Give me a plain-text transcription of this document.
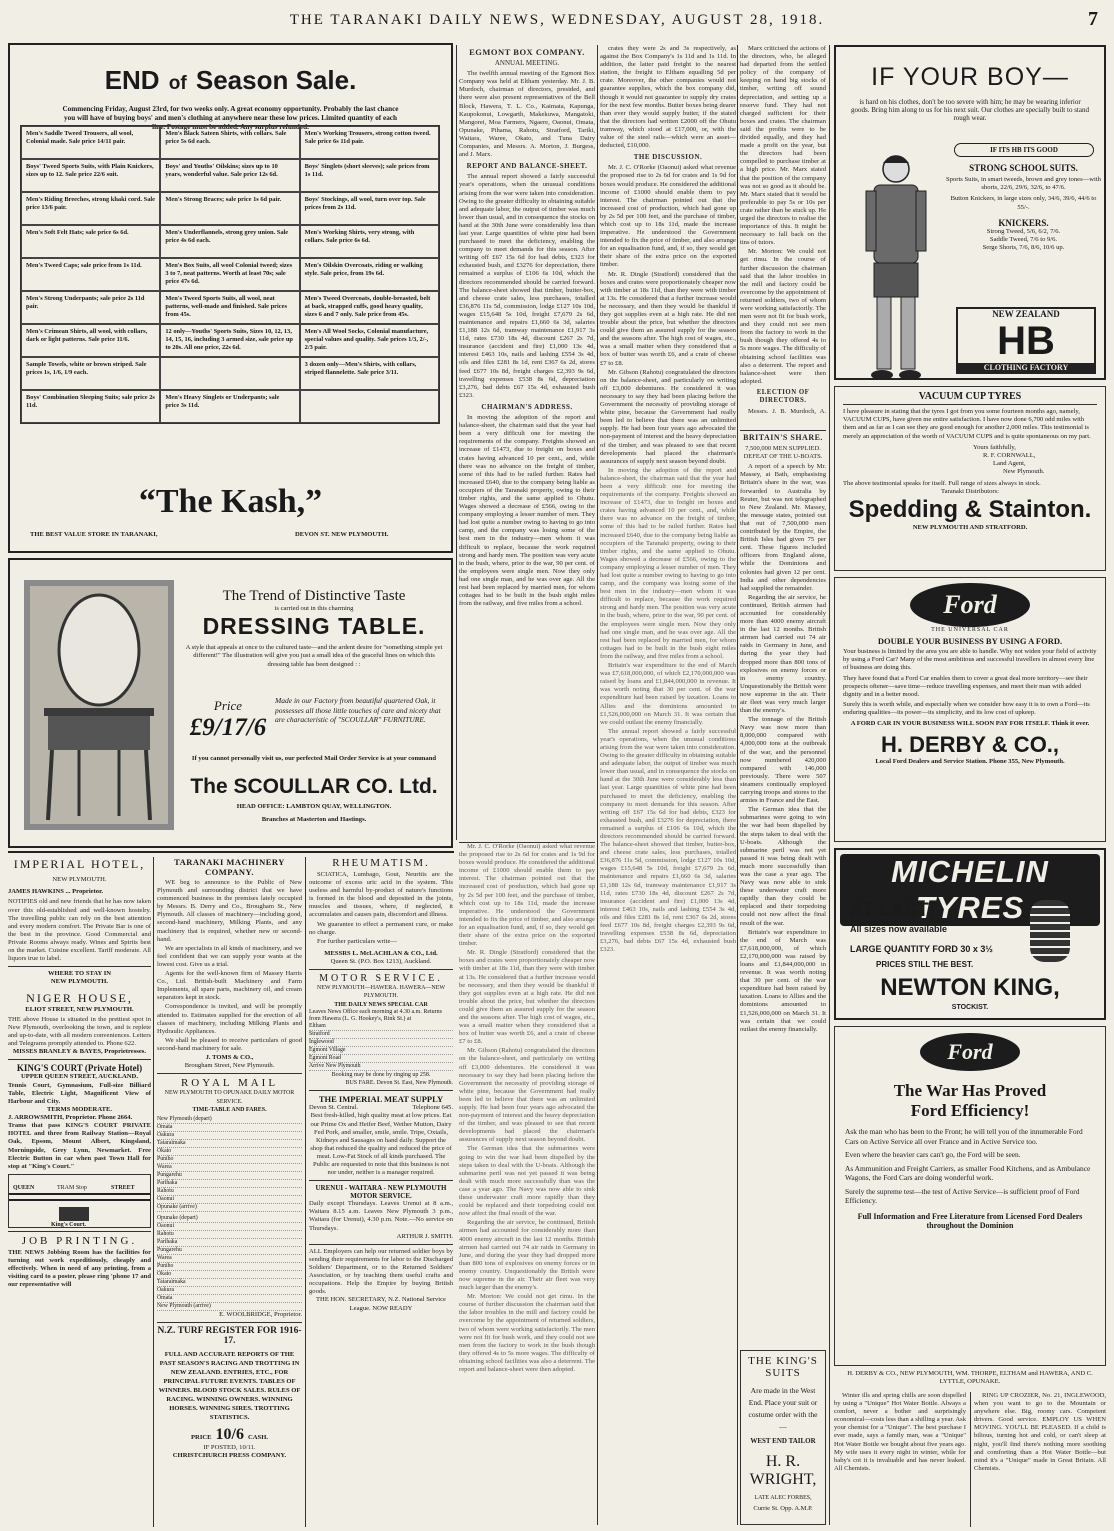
THE TARANAKI DAILY NEWS, WEDNESDAY, AUGUST 28, 1918.	7
END of Season Sale.
Commencing Friday, August 23rd, for two weeks only. A great economy opportunity. Probably the last chance you will have of buying boys' and men's clothing at anywhere near these low prices. Limited quantity of each line. Postage must be added. Any surplus refunded.
Men's Saddle Tweed Trousers, all wool, Colonial made. Sale price 14/11 pair.
Men's Black Sateen Shirts, with collars. Sale price 5s 6d each.
Men's Working Trousers, strong cotton tweed. Sale price 6s 11d pair.
Boys' Tweed Sports Suits, with Plain Knickers, sizes up to 12. Sale price 22/6 suit.
Boys' and Youths' Oilskins; sizes up to 10 years, wonderful value. Sale price 12s 6d.
Boys' Singlets (short sleeves); sale prices from 1s 11d.
Men's Riding Breeches, strong khaki cord. Sale price 13/6 pair.
Men's Strong Braces; sale price 1s 6d pair.	Boys' Stockings, all wool, turn over top. Sale prices from 2s 11d.
Men's Soft Felt Hats; sale price 6s 6d.	Men's Underflannels, strong grey union. Sale price 4s 6d each.
Men's Working Shirts, very strong, with collars. Sale price 6s 6d.
Men's Tweed Caps; sale price from 1s 11d.	Men's Box Suits, all wool Colonial tweed; sizes 3 to 7, neat patterns. Worth at least 70s; sale price 47s 6d.
Men's Oilskin Overcoats, riding or walking style. Sale price, from 19s 6d.
Men's Strong Underpants; sale price 2s 11d pair.
Men's Tweed Sports Suits, all wool, neat patterns, well-made and finished. Sale prices from 45s.
Men's Tweed Overcoats, double-breasted, belt at back, strapped cuffs, good heavy quality, sizes 6 and 7 only. Sale price from 45s.
Men's Crimean Shirts, all wool, with collars, dark or light patterns. Sale price 11/6.
12 only—Youths' Sports Suits, Sizes 10, 12, 13, 14, 15, 16, including 3 armed size, sale price up to 20s. All one price, 22s 6d.
Men's All Wool Socks, Colonial manufacture, special values and quality. Sale prices 1/3, 2/-, 2/3 pair.
Sample Towels, white or brown striped. Sale prices 1s, 1/6, 1/9 each.
3 dozen only—Men's Shirts, with collars, striped flannelette. Sale price 3/11.
Boys' Combination Sleeping Suits; sale price 2s 11d.
Men's Heavy Singlets or Underpants; sale price 3s 11d.
“The Kash,”
THE BEST VALUE STORE IN TARANAKI,	DEVON ST. NEW PLYMOUTH.
The Trend of Distinctive Taste
is carried out in this charming
DRESSING TABLE.
A style that appeals at once to the cultured taste—and the ardent desire for "something simple yet different!" The illustration will give you just a small idea of the graceful lines on which this dressing table has been designed : :
Price
£9/17/6
Made in our Factory from beautiful quartered Oak, it possesses all those little touches of care and nicety that are characteristic of "SCOULLAR" FURNITURE.
If you cannot personally visit us, our perfected Mail Order Service is at your command
The SCOULLAR CO. Ltd.
HEAD OFFICE: LAMBTON QUAY, WELLINGTON.
Branches at Masterton and Hastings.
EGMONT BOX COMPANY.
ANNUAL MEETING.

The twelfth annual meeting of the Egmont Box Company was held at Eltham yesterday. Mr. J. B. Murdoch, chairman of directors, presided, and there were also present representatives of the Bell Block, Hawera, T. L. Co., Kaimata, Kapunga, Kaupokonui, Lowgarth, Makekuwa, Mangatoki, Mangorei, Moa Farmers, Ngaere, Oaonui, Omata, Opunake, Pihama, Rahotu, Stratford, Tariki, Waitara, Waree, Okato, and Tuna Dairy Companies, and Messrs. A. Morton, J. Burgess, and J. Marx.

REPORT AND BALANCE-SHEET.

The annual report showed a fairly successful year's operations, when the unusual conditions arising from the war were taken into consideration. Owing to the greater difficulty in obtaining suitable and adequate labor, the output of timber was much lower than usual, and in consequence the stocks on hand at the 30th June were considerably less than last year. Large quantities of white pine had been purchased to meet the deficiency, enabling the company to meet demands for this season. After writing off £67 15s 6d for bad debts, £323 for exhausted bush, and £3276 for depreciation, there remained a surplus of £106 6s 10d, which the directors recommended should be carried forward. The balance-sheet showed that timber, butter-box, and cheese crate sales, less purchases, totalled £36,876 11s 5d, commission, lodge £127 10s 10d, wages £15,648 5s 10d, freight £7,679 2s 6d, maintenance and repairs £1,660 6s 3d, salaries £1,188 12s 6d, tramway maintenance £1,917 3s 11d, rates £730 18s 4d, discount £267 2s 7d, insurance (accident and fire) £1,000 13s 4d, interest £463 10s, nails and lashing £554 3s 4d, oils and files £281 8s 1d, rent £367 6s 2d, stores feed £677 10s 8d, freight charges £2,393 9s 6d, travelling expenses £538 8s 6d, depreciation £3,276, bad debts £67 15s 4d, exhausted bush £323.

CHAIRMAN'S ADDRESS.

In moving the adoption of the report and balance-sheet, the chairman said that the year had been a very difficult one for meeting the requirements of the company. Freights showed an increase of £1473, due to freight on boxes and crates having advanced 10 per cent., and, while there was no advance on the freight of timber, some of this had to be railed further. Rates had increased £640, due to the company being liable as occupiers of the Taranaki property, owing to their timber rights, and the same applied to Ohutu. Wages showed a decrease of £566, owing to the company employing a lesser number of men. They had lost quite a number owing to having to go into camp, and the company was losing some of the best men in the industry—men whom it was difficult to replace, because the work required strong and hardy men. The position was very acute in the bush, where, prior to the war, 90 per cent. of the employees were single men. Now they only had one single man, and he was over age. All the rest had been replaced by married men, for whom cottages had to be built in the bush eight miles from the railway, and five miles from a school.

crates they were 2s and 3s respectively, as against the Box Company's 1s 11d and 1s 11d. In addition, the latter paid freight to the nearest station, the freight to Eltham equalling 5d per crate. Moreover, the other companies would not guarantee supplies, which the box company did, though it would not guarantee to supply dry crates for the next few months. Butter boxes being dearer than ever they would supply butter, if the stated that the directors had written £2000 off the Ohutu tramway, which stood at £17,000, or, with the value of the steel rails—which were an asset—deducted, £10,000.

THE DISCUSSION.

Mr. J. C. O'Rorke (Oaonui) asked what revenue the proposed rise to 2s 6d for crates and 1s 9d for boxes would produce. He considered the additional income of £1000 should enable them to pay interest. The chairman pointed out that the increased cost of production, which had gone up by 2s 5d per 100 feet, and the purchase of timber, which cost up to 18s 11d, made the increase imperative. He understood the Government intended to fix the price of timber, and also arrange for an equalisation fund, and, if so, they would get their share of the extra price on the exported timber.

Mr. R. Dingle (Stratford) considered that the boxes and crates were proportionately cheaper now with timber at 18s 11d, than they were with timber at 13s. He considered that a further increase would be necessary, and then they would be thankful if they got supplies even at a high rate. He did not trouble about the price, but whether the directors could give them an assured supply for the season and the seasons after. The high cost of wages, etc., was a small matter when they considered that a box of butter was worth £6, and a crate of cheese £7 to £8.

Mr. Gibson (Rahotu) congratulated the directors on the balance-sheet, and particularly on writing off £3,000 debentures. He considered it was necessary to say they had been placing before the Government the necessity of providing storage of white pine, because the Government had really been led to believe that there was an unlimited supply. He had been four years ago advocated the non-payment of interest and the heavy depreciation of the timber, and was pleased to see that recent developments had placed the chairman's assurances of supply next season beyond doubt.

In moving the adoption of the report and balance-sheet, the chairman said that the year had been a very difficult one for meeting the requirements of the company. Freights showed an increase of £1473, due to freight on boxes and crates having advanced 10 per cent., and, while there was no advance on the freight of timber, some of this had to be railed further. Rates had increased £640, due to the company being liable as occupiers of the Taranaki property, owing to their timber rights, and the same applied to Ohutu. Wages showed a decrease of £566, owing to the company employing a lesser number of men. They had lost quite a number owing to having to go into camp, and the company was losing some of the best men in the industry—men whom it was difficult to replace, because the work required strong and hardy men. The position was very acute in the bush, where, prior to the war, 90 per cent. of the employees were single men. Now they only had one single man, and he was over age. All the rest had been replaced by married men, for whom cottages had to be built in the bush eight miles from the railway, and five miles from a school.

Britain's war expenditure to the end of March was £7,618,000,000, of which £2,170,000,000 was raised by loans and £1,844,000,000 in revenue. It was worth noting that 30 per cent. of the war expenditure had been raised by taxation. Loans to Allies and the dominions amounted to £1,526,000,000 on March 31. It was certain that we could outlast the enemy financially.

The annual report showed a fairly successful year's operations, when the unusual conditions arising from the war were taken into consideration. Owing to the greater difficulty in obtaining suitable and adequate labor, the output of timber was much lower than usual, and in consequence the stocks on hand at the 30th June were considerably less than last year. Large quantities of white pine had been purchased to meet the deficiency, enabling the company to meet demands for this season. After writing off £67 15s 6d for bad debts, £323 for exhausted bush, and £3276 for depreciation, there remained a surplus of £106 6s 10d, which the directors recommended should be carried forward. The balance-sheet showed that timber, butter-box, and cheese crate sales, less purchases, totalled £36,876 11s 5d, commission, lodge £127 10s 10d, wages £15,648 5s 10d, freight £7,679 2s 6d, maintenance and repairs £1,660 6s 3d, salaries £1,188 12s 6d, tramway maintenance £1,917 3s 11d, rates £730 18s 4d, discount £267 2s 7d, insurance (accident and fire) £1,000 13s 4d, interest £463 10s, nails and lashing £554 3s 4d, oils and files £281 8s 1d, rent £367 6s 2d, stores feed £677 10s 8d, freight charges £2,393 9s 6d, travelling expenses £538 8s 6d, depreciation £3,276, bad debts £67 15s 4d, exhausted bush £323.

Marx criticised the actions of the directors, who, he alleged had departed from the settled policy of the company of keeping on hand big stocks of timber, writing off sound depreciation, and setting up a reserve fund. They had not charged sufficient for their boxes and crates. The chairman said the profits were to be divided equally, and they had made a profit on the year, but the directors had been compelled to purchase timber at a high price. Mr. Marx stated that the position of the company was not so good as it should be. Mr. Marx stated that it would be preferable to pay 5s or 10s per crate rather than be stuck up. He urged the directors to realise the importance of this. It might be necessary to fall back on the tins of tutors.

Mr. Morton: We could not get rimu. In the course of further discussion the chairman said that the labor troubles in the mill and factory could be overcome by the appointment of returned soldiers, two of whom were working satisfactorily. The men were not fit for bush work, and they could not see men from the factory to work in the bush though they offered 4s to 5s more wages. The difficulty of obtaining school facilities was also a deterrent. The report and balance-sheet were then adopted.

ELECTION OF DIRECTORS.

Messrs. J. B. Murdoch, A.

BRITAIN'S SHARE.
7,500,000 MEN SUPPLIED.
DEFEAT OF THE U-BOATS.

A report of a speech by Mr. Massey, at Bath, emphasising Britain's share in the war, was forwarded to Australia by Reuter, but was not telegraphed to New Zealand. Mr. Massey, the message states, pointed out that out of 7,500,000 men contributed by the Empire, the British Isles had given 75 per cent. These figures included officers from England alone, while the Dominions and colonies had given 12 per cent. India and other dependencies had supplied the remainder.

Regarding the air service, he continued, British airmen had accounted for considerably more than 4000 enemy aircraft in the last 12 months. British airmen had carried out 74 air raids in Germany in June, and during the year they had dropped more than 800 tons of explosives on enemy forces or in enemy country. Unquestionably the British were now supreme in the air. Their air fleet was very much larger than the enemy's.

The tonnage of the British Navy was now more than 8,000,000 compared with 4,000,000 tons at the outbreak of the war, and the personnel now numbered 420,000 compared with 146,000 previously. There were 507 steamers continually employed carrying troops and stores to the armies in France and the East.

The German idea that the submarines were going to win the war had been dispelled by the steps taken to deal with the U-boats. Although the submarine peril was not yet passed it was being dealt with much more successfully than was the case a year ago. The Navy was now able to sink these underwater craft more rapidly than they could be replaced and their torpedoing could not now affect the final result of the war.

Britain's war expenditure to the end of March was £7,618,000,000, of which £2,170,000,000 was raised by loans and £1,844,000,000 in revenue. It was worth noting that 30 per cent. of the war expenditure had been raised by taxation. Loans to Allies and the dominions amounted to £1,526,000,000 on March 31. It was certain that we could outlast the enemy financially.

THE KING'S SUITS
Are made in the West End. Place your suit or costume order with the—
WEST END TAILOR
H. R. WRIGHT,
LATE ALEC FORBES,
Currie St. Opp. A.M.P.
IF YOUR BOY—
is hard on his clothes, don't be too severe with him; he may be wearing inferior goods. Bring him along to us for his next suit. Our clothes are specially built to stand rough wear.
IF ITS HB ITS GOOD
STRONG SCHOOL SUITS.
Sports Suits, in smart tweeds, brown and grey tones—with shorts, 22/6, 29/6, 32/6, to 47/6.
Button Knickers, in large sizes only, 34/6, 39/6, 44/6 to 55/-.
KNICKERS.
Strong Tweed, 5/6, 6/2, 7/6.
Saddle Tweed, 7/6 to 9/6.
Serge Shorts, 7/6, 8/6, 10/6 up.
NEW ZEALAND
HB
CLOTHING FACTORY
VACUUM CUP TYRES
I have pleasure in stating that the tyres I got from you some fourteen months ago, namely, VACUUM CUPS, have given me entire satisfaction. I have now done 6,700 odd miles with them and as far as I can see they are good enough for another 2,000 miles. This testimonial is merely an appreciation of the worth of VACUUM CUPS and is quite spontaneous on my part.
Yours faithfully,
R. F. CORNWALL,
Land Agent,
New Plymouth.
The above testimonial speaks for itself. Full range of sizes always in stock.
Taranaki Distributors:
Spedding & Stainton.
NEW PLYMOUTH AND STRATFORD.
Ford
THE UNIVERSAL CAR
DOUBLE YOUR BUSINESS BY USING A FORD.
Your business is limited by the area you are able to handle. Why not widen your field of activity by using a Ford Car? Many of the most ambitious and successful travellers in almost every line of business are doing this.
They have found that a Ford Car enables them to cover a great deal more territory—see their prospects oftener—save time—reduce travelling expenses, and meet their man with added dignity and in a better mood.
Surely this is worth while, and especially when we consider how easy it is to own a Ford—its enduring qualities—its power—its simplicity, and its low cost of upkeep.
A FORD CAR IN YOUR BUSINESS WILL SOON PAY FOR ITSELF. Think it over.
H. DERBY & CO.,
Local Ford Dealers and Service Station. Phone 355, New Plymouth.
MICHELIN TYRES
AT LAST!
All sizes now available
LARGE QUANTITY FORD 30 x 3½
PRICES STILL THE BEST.
NEWTON KING,
STOCKIST.
Ford
The War Has Proved
Ford Efficiency!
Ask the man who has been to the Front; he will tell you of the innumerable Ford Cars on Active Service all over France and in Active Service too.
Even where the heavier cars can't go, the Ford will be seen.
As Ammunition and Freight Carriers, as smaller Food Kitchens, and as Ambulance Wagons, the Ford Cars are doing wonderful work.
Surely the supreme test—the test of Active Service—is sufficient proof of Ford Efficiency.
Full Information and Free Literature from Licensed Ford Dealers throughout the Dominion
H. DERBY & CO., NEW PLYMOUTH, WM. THORPE, ELTHAM and HAWERA, AND C. LYTTLE, OPUNAKE.

Winter ills and spring chills are soon dispelled by using a "Unique" Hot Water Bottle. Always a comfort, never a bother and surprisingly economical—costs less than a shilling a year. Ask your chemist for a "Unique". The best purchase I ever made, says a family man, was a "Unique" Hot Water Bottle we bought about five years ago. My wife uses it every night in winter, while for baby's cot it is invaluable and has never leaked. All Chemists.

RING UP CROZIER, No. 21, INGLEWOOD, when you want to go to the Mountain or anywhere else. Big, roomy cars. Competent drivers. Good service. EMPLOY US WHEN MOVING. YOU'LL BE PLEASED. If a child is bilious, turning hot and cold, or can't sleep at night, you'll find there's nothing more soothing and comforting than a Hot Water Bottle—but mind it's a "Unique" made in Great Britain. All Chemists.

IMPERIAL HOTEL,
NEW PLYMOUTH.
JAMES HAWKINS ... Proprietor.
NOTIFIES old and new friends that he has now taken over this old-established and well-known hostelry. The travelling public can rely on the best attention and every modern comfort. The Private Bar is one of the best in the province. Good Commercial and Private Rooms always ready. Wines and Spirits best on the market. Cuisine excellent. Tariff moderate. All liquors true to label.
WHERE TO STAY IN
NEW PLYMOUTH.
NIGER HOUSE,
ELIOT STREET, NEW PLYMOUTH.
THE above House is situated in the prettiest spot in New Plymouth, overlooking the town, and is replete and up-to-date, with all modern conveniences. Letters and Telegrams promptly attended to. Phone 622.
MISSES BRANLEY & BAYES, Proprietresses.
KING'S COURT (Private Hotel)
UPPER QUEEN STREET, AUCKLAND.
Tennis Court, Gymnasium, Full-size Billiard Table, Electric Light, Magnificent View of Harbour and City.
TERMS MODERATE.
J. ARROWSMITH, Proprietor. Phone 2664.
Trams that pass KING'S COURT PRIVATE HOTEL and three from Railway Station—Royal Oak, Epsom, Mount Albert, Kingsland, Morningside, Grey Lynn, Newmarket. Free Electric Button in car when past Town Hall for stop at "King's Court."
QUEEN	TRAM Stop	STREET
King's Court.
JOB PRINTING.
THE NEWS Jobbing Room has the facilities for turning out work expeditiously, cheaply and effectively. When in need of any printing, from a visiting card to a poster, please ring 'phone 17 and our representative will
TARANAKI MACHINERY COMPANY.

WE beg to announce to the Public of New Plymouth and surrounding district that we have commenced business in the premises lately occupied by Messrs. B. Derry and Co., Brougham St., New Plymouth. All classes of machinery—including good, second-hand machinery, Milking Plants, and any machinery that is required, whether new or second-hand.

We are specialists in all kinds of machinery, and we feel confident that we can supply your wants at the lowest cost. Give us a trial.

Agents for the well-known firm of Massey Harris Co., Ltd. British-built Machinery and Farm Implements, all spare parts, machinery oil, and cream separators kept in stock.

Correspondence is invited, and will be promptly attended to. Estimates supplied for the erection of all classes of machinery, including Milking Plants and Hydraulic Appliances.

We shall be pleased to receive particulars of good second-hand machinery for sale.

J. TOMS & CO.,
Brougham Street, New Plymouth.
ROYAL MAIL
NEW PLYMOUTH TO OPUNAKE DAILY MOTOR SERVICE.
TIME-TABLE AND FARES.
New Plymouth (depart)
Omata
Oakura
Tataraimaka
Okato
Puniho
Warea
Pungarehu
Parihaka
Rahotu
Oaonui
Opunake (arrive)
Opunake (depart)
Oaonui
Rahotu
Parihaka
Pungarehu
Warea
Puniho
Okato
Tataraimaka
Oakura
Omata
New Plymouth (arrive)
E. WOOLBRIDGE, Proprietor.
N.Z. TURF REGISTER FOR 1916-17.
FULL AND ACCURATE REPORTS OF THE PAST SEASON'S RACING AND TROTTING IN NEW ZEALAND. ENTRIES, ETC., FOR PRINCIPAL FUTURE EVENTS. TABLES OF WINNERS. BLOOD STOCK SALES. RULES OF RACING. WINNING OWNERS. WINNING HORSES. WINNING SIRES. TROTTING STATISTICS.
PRICE 10/6 CASH.
IF POSTED, 10/11.
CHRISTCHURCH PRESS COMPANY.
RHEUMATISM.

SCIATICA, Lumbago, Gout, Neuritis are the outcome of excess uric acid in the system. This useless and harmful by-product of nature's functions is formed in the blood and deposited in the joints, muscles and tissues, where, if neglected, it accumulates and causes pain, discomfort and illness.

We guarantee to effect a permanent cure, or make no charge.

For further particulars write—

MESSRS L. McLACHLAN & CO., Ltd.
Queen St. (P.O. Box 1213), Auckland.
MOTOR SERVICE.
NEW PLYMOUTH—HAWERA. HAWERA—NEW PLYMOUTH.
THE DAILY NEWS SPECIAL CAR
Leaves News Office each morning at 4.30 a.m. Returns from Hawera (L. G. Hookey's, Rink St.) at
Eltham
Stratford
Inglewood
Egmont Village
Egmont Road
Arrive New Plymouth
Booking may be done by ringing up 258.
BUS FARE. Devon St. East, New Plymouth.
THE IMPERIAL MEAT SUPPLY
Devon St. Central.	Telephone 645.
Best fresh-killed, high quality meat at low prices. Eat our Prime Ox and Heifer Beef, Wether Mutton, Dairy Fed Pork, and smaller, smile, smile. Tripe, Oxtails, Kidneys and Sausages on hand daily. Support the shop that reduced the quality and reduced the price of meat. Low-Fat Stock of all kinds purchased. The Public are requested to note that this business is not nor under, neither is a manager required.
URENUI - WAITARA - NEW PLYMOUTH MOTOR SERVICE.
Daily except Thursdays. Leaves Urenui at 8 a.m., Waitara 8.15 a.m. Leaves New Plymouth 3 p.m., Waitara (for Urenui), 4.30 p.m. Note.—No service on Thursdays.
ARTHUR J. SMITH.
ALL Employers can help our returned soldier boys by sending their requirements for labor to the Discharged Soldiers' Department, or to the Returned Soldiers' Association, or by teaching them useful crafts and occupations. Help the Empire by buying British goods.
THE HON. SECRETARY, N.Z. National Service League. NOW READY

Mr. J. C. O'Rorke (Oaonui) asked what revenue the proposed rise to 2s 6d for crates and 1s 9d for boxes would produce. He considered the additional income of £1000 should enable them to pay interest. The chairman pointed out that the increased cost of production, which had gone up by 2s 5d per 100 feet, and the purchase of timber, which cost up to 18s 11d, made the increase imperative. He understood the Government intended to fix the price of timber, and also arrange for an equalisation fund, and, if so, they would get their share of the extra price on the exported timber.

Mr. R. Dingle (Stratford) considered that the boxes and crates were proportionately cheaper now with timber at 18s 11d, than they were with timber at 13s. He considered that a further increase would be necessary, and then they would be thankful if they got supplies even at a high rate. He did not trouble about the price, but whether the directors could give them an assured supply for the season and the seasons after. The high cost of wages, etc., was a small matter when they considered that a box of butter was worth £6, and a crate of cheese £7 to £8.

Mr. Gibson (Rahotu) congratulated the directors on the balance-sheet, and particularly on writing off £3,000 debentures. He considered it was necessary to say they had been placing before the Government the necessity of providing storage of white pine, because the Government had really been led to believe that there was an unlimited supply. He had been four years ago advocated the non-payment of interest and the heavy depreciation of the timber, and was pleased to see that recent developments had placed the chairman's assurances of supply next season beyond doubt.

The German idea that the submarines were going to win the war had been dispelled by the steps taken to deal with the U-boats. Although the submarine peril was not yet passed it was being dealt with much more successfully than was the case a year ago. The Navy was now able to sink these underwater craft more rapidly than they could be replaced and their torpedoing could not now affect the final result of the war.

Regarding the air service, he continued, British airmen had accounted for considerably more than 4000 enemy aircraft in the last 12 months. British airmen had carried out 74 air raids in Germany in June, and during the year they had dropped more than 800 tons of explosives on enemy forces or in enemy country. Unquestionably the British were now supreme in the air. Their air fleet was very much larger than the enemy's.

Mr. Morton: We could not get rimu. In the course of further discussion the chairman said that the labor troubles in the mill and factory could be overcome by the appointment of returned soldiers, two of whom were working satisfactorily. The men were not fit for bush work, and they could not see men from the factory to work in the bush though they offered 4s to 5s more wages. The difficulty of obtaining school facilities was also a deterrent. The report and balance-sheet were then adopted.
